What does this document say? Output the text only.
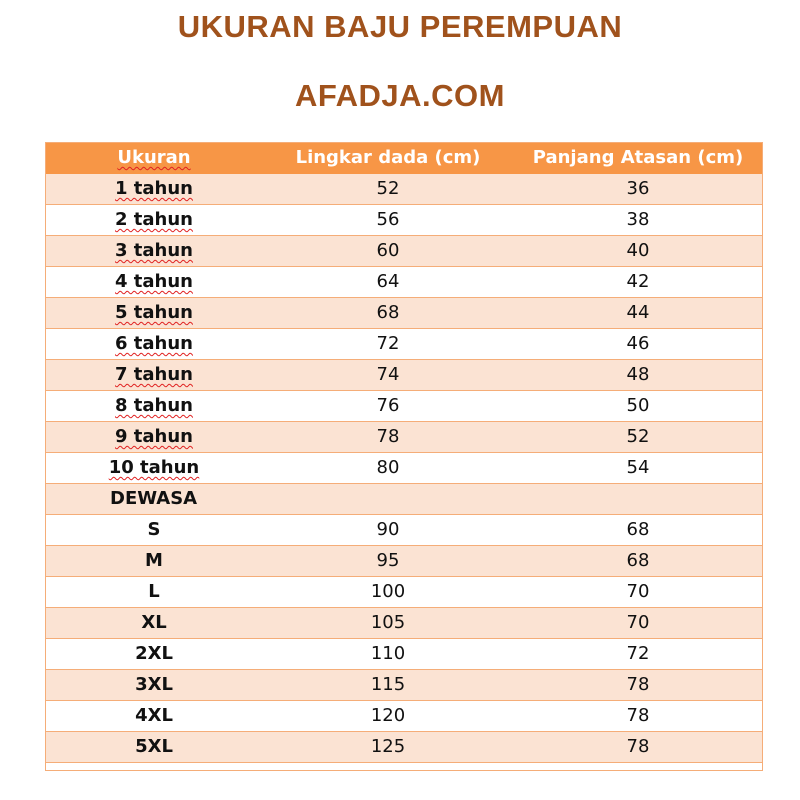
UKURAN BAJU PEREMPUAN
AFADJA.COM
Ukuran	Lingkar dada (cm)	Panjang Atasan (cm)
1 tahun	52	36
2 tahun	56	38
3 tahun	60	40
4 tahun	64	42
5 tahun	68	44
6 tahun	72	46
7 tahun	74	48
8 tahun	76	50
9 tahun	78	52
10 tahun	80	54
DEWASA		
S	90	68
M	95	68
L	100	70
XL	105	70
2XL	110	72
3XL	115	78
4XL	120	78
5XL	125	78
